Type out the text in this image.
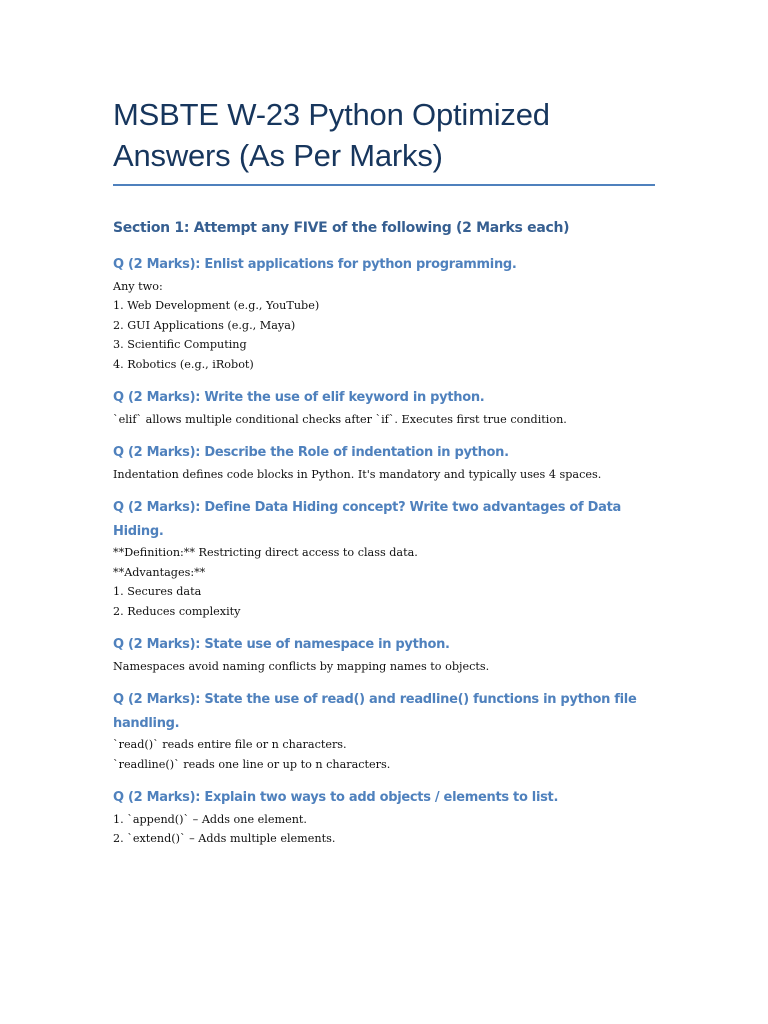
MSBTE W-23 Python Optimized
Answers (As Per Marks)
Section 1: Attempt any FIVE of the following (2 Marks each)
Q (2 Marks): Enlist applications for python programming.
Any two:
1. Web Development (e.g., YouTube)
2. GUI Applications (e.g., Maya)
3. Scientific Computing
4. Robotics (e.g., iRobot)
Q (2 Marks): Write the use of elif keyword in python.
`elif` allows multiple conditional checks after `if`. Executes first true condition.
Q (2 Marks): Describe the Role of indentation in python.
Indentation defines code blocks in Python. It's mandatory and typically uses 4 spaces.
Q (2 Marks): Define Data Hiding concept? Write two advantages of Data Hiding.
**Definition:** Restricting direct access to class data.
**Advantages:**
1. Secures data
2. Reduces complexity
Q (2 Marks): State use of namespace in python.
Namespaces avoid naming conflicts by mapping names to objects.
Q (2 Marks): State the use of read() and readline() functions in python file handling.
`read()` reads entire file or n characters.
`readline()` reads one line or up to n characters.
Q (2 Marks): Explain two ways to add objects / elements to list.
1. `append()` – Adds one element.
2. `extend()` – Adds multiple elements.
